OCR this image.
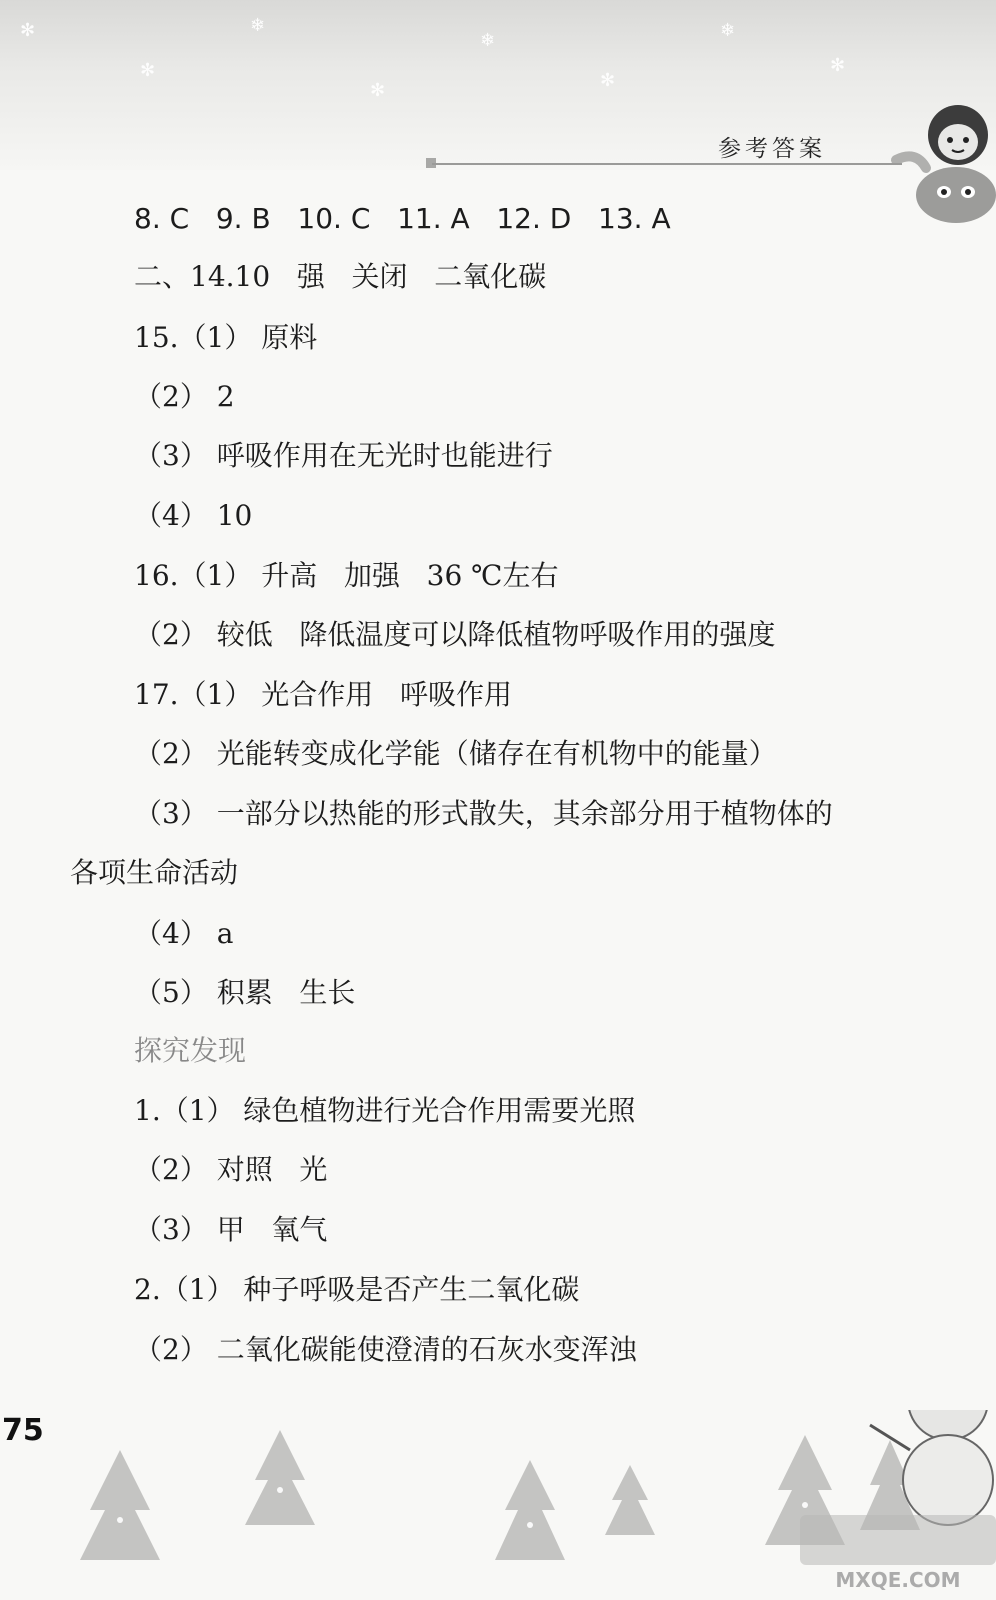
✻
✻
❄
✻
❄
✻
❄
✻
参考答案
8. C   9. B   10. C   11. A   12. D   13. A
二、14.10   强   关闭   二氧化碳
15.（1） 原料
（2） 2
（3） 呼吸作用在无光时也能进行
（4） 10
16.（1） 升高   加强   36 ℃左右
（2） 较低   降低温度可以降低植物呼吸作用的强度
17.（1） 光合作用   呼吸作用
（2） 光能转变成化学能（储存在有机物中的能量）
（3） 一部分以热能的形式散失，其余部分用于植物体的
各项生命活动
（4） a
（5） 积累   生长
探究发现
1.（1） 绿色植物进行光合作用需要光照
（2） 对照   光
（3） 甲   氧气
2.（1） 种子呼吸是否产生二氧化碳
（2） 二氧化碳能使澄清的石灰水变浑浊
75
MXQE.COM
